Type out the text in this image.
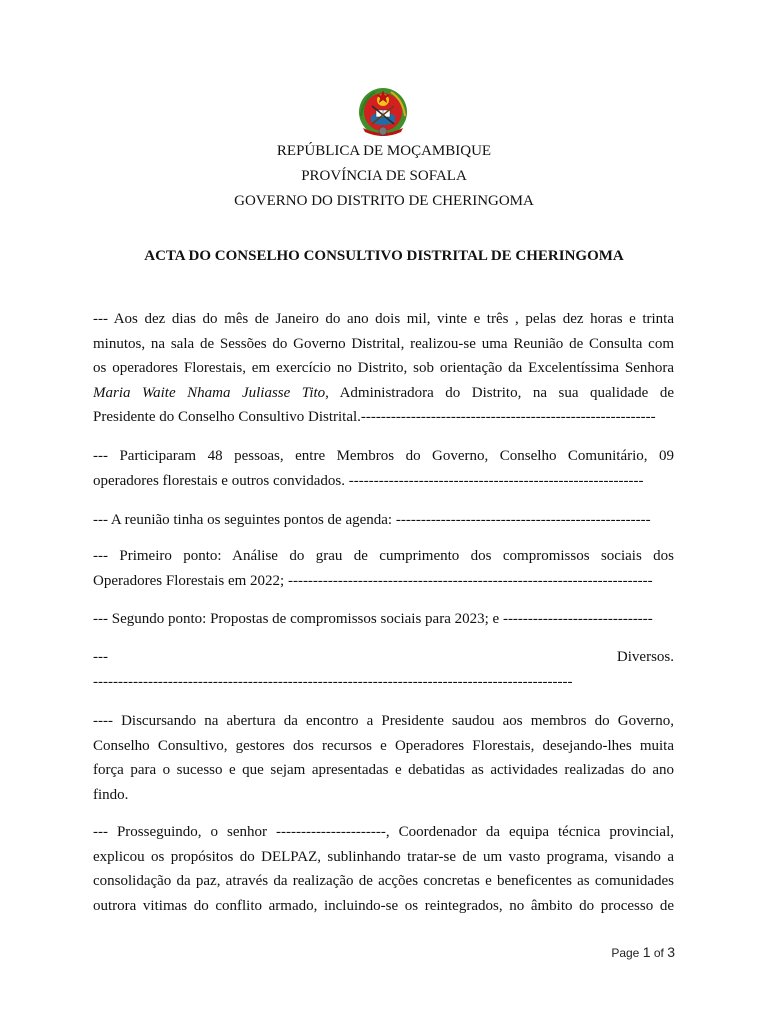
REPÚBLICA DE MOÇAMBIQUE
PROVÍNCIA DE SOFALA
GOVERNO DO DISTRITO DE CHERINGOMA
ACTA DO CONSELHO CONSULTIVO DISTRITAL DE CHERINGOMA
--- Aos dez dias do mês de Janeiro do ano dois mil, vinte e três , pelas dez horas e trinta
minutos, na sala de Sessões do Governo Distrital, realizou-se uma Reunião de Consulta com
os operadores Florestais, em exercício no Distrito, sob orientação da Excelentíssima Senhora
Maria Waite Nhama Juliasse Tito, Administradora do Distrito, na sua qualidade de
Presidente do Conselho Consultivo Distrital.-----------------------------------------------------------
--- Participaram 48 pessoas, entre Membros do Governo, Conselho Comunitário, 09
operadores florestais e outros convidados. -----------------------------------------------------------
--- A reunião tinha os seguintes pontos de agenda: ---------------------------------------------------
--- Primeiro ponto: Análise do grau de cumprimento dos compromissos sociais dos
Operadores Florestais em 2022; -------------------------------------------------------------------------
--- Segundo ponto: Propostas de compromissos sociais para 2023; e ------------------------------
---	Diversos.
------------------------------------------------------------------------------------------------
---- Discursando na abertura da encontro a Presidente saudou aos membros do Governo,
Conselho Consultivo, gestores dos recursos e Operadores Florestais, desejando-lhes muita
força para o sucesso e que sejam apresentadas e debatidas as actividades realizadas do ano
findo.
--- Prosseguindo, o senhor ----------------------, Coordenador da equipa técnica provincial,
explicou os propósitos do DELPAZ, sublinhando tratar-se de um vasto programa, visando a
consolidação da paz, através da realização de acções concretas e beneficentes as comunidades
outrora vitimas do conflito armado, incluindo-se os reintegrados, no âmbito do processo de
Page 1 of 3
